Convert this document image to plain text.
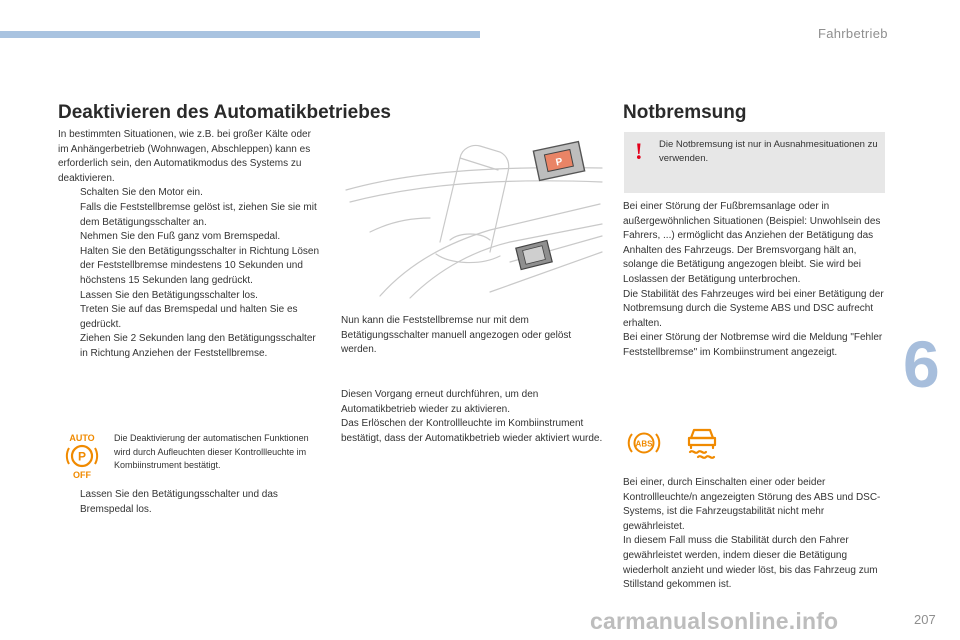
Fahrbetrieb
6
207
Deaktivieren des Automatikbetriebes

In bestimmten Situationen, wie z.B. bei großer Kälte oder im Anhängerbetrieb (Wohnwagen, Abschleppen) kann es erforderlich sein, den Automatikmodus des Systems zu deaktivieren.

Schalten Sie den Motor ein.
Falls die Feststellbremse gelöst ist, ziehen Sie sie mit dem Betätigungsschalter an.
Nehmen Sie den Fuß ganz vom Bremspedal.
Halten Sie den Betätigungsschalter in Richtung Lösen der Feststellbremse mindestens 10 Sekunden und höchstens 15 Sekunden lang gedrückt.
Lassen Sie den Betätigungsschalter los.
Treten Sie auf das Bremspedal und halten Sie es gedrückt.
Ziehen Sie 2 Sekunden lang den Betätigungsschalter in Richtung Anziehen der Feststellbremse.
AUTO
P
OFF
Die Deaktivierung der automatischen Funktionen wird durch Aufleuchten dieser Kontrollleuchte im Kombiinstrument bestätigt.
Lassen Sie den Betätigungsschalter und das Bremspedal los.
P
Nun kann die Feststellbremse nur mit dem Betätigungsschalter manuell angezogen oder gelöst werden.
Diesen Vorgang erneut durchführen, um den Automatikbetrieb wieder zu aktivieren.
Das Erlöschen der Kontrollleuchte im Kombiinstrument bestätigt, dass der Automatikbetrieb wieder aktiviert wurde.
Notbremsung
! Die Notbremsung ist nur in Ausnahmesituationen zu verwenden.
Bei einer Störung der Fußbremsanlage oder in außergewöhnlichen Situationen (Beispiel: Unwohlsein des Fahrers, ...) ermöglicht das Anziehen der Betätigung das Anhalten des Fahrzeugs. Der Bremsvorgang hält an, solange die Betätigung angezogen bleibt. Sie wird bei Loslassen der Betätigung unterbrochen.
Die Stabilität des Fahrzeuges wird bei einer Betätigung der Notbremsung durch die Systeme ABS und DSC aufrecht erhalten.
Bei einer Störung der Notbremse wird die Meldung "Fehler Feststellbremse" im Kombiinstrument angezeigt.
ABS
Bei einer, durch Einschalten einer oder beider Kontrollleuchte/n angezeigten Störung des ABS und DSC-Systems, ist die Fahrzeugstabilität nicht mehr gewährleistet.
In diesem Fall muss die Stabilität durch den Fahrer gewährleistet werden, indem dieser die Betätigung wiederholt anzieht und wieder löst, bis das Fahrzeug zum Stillstand gekommen ist.
carmanualsonline.info
